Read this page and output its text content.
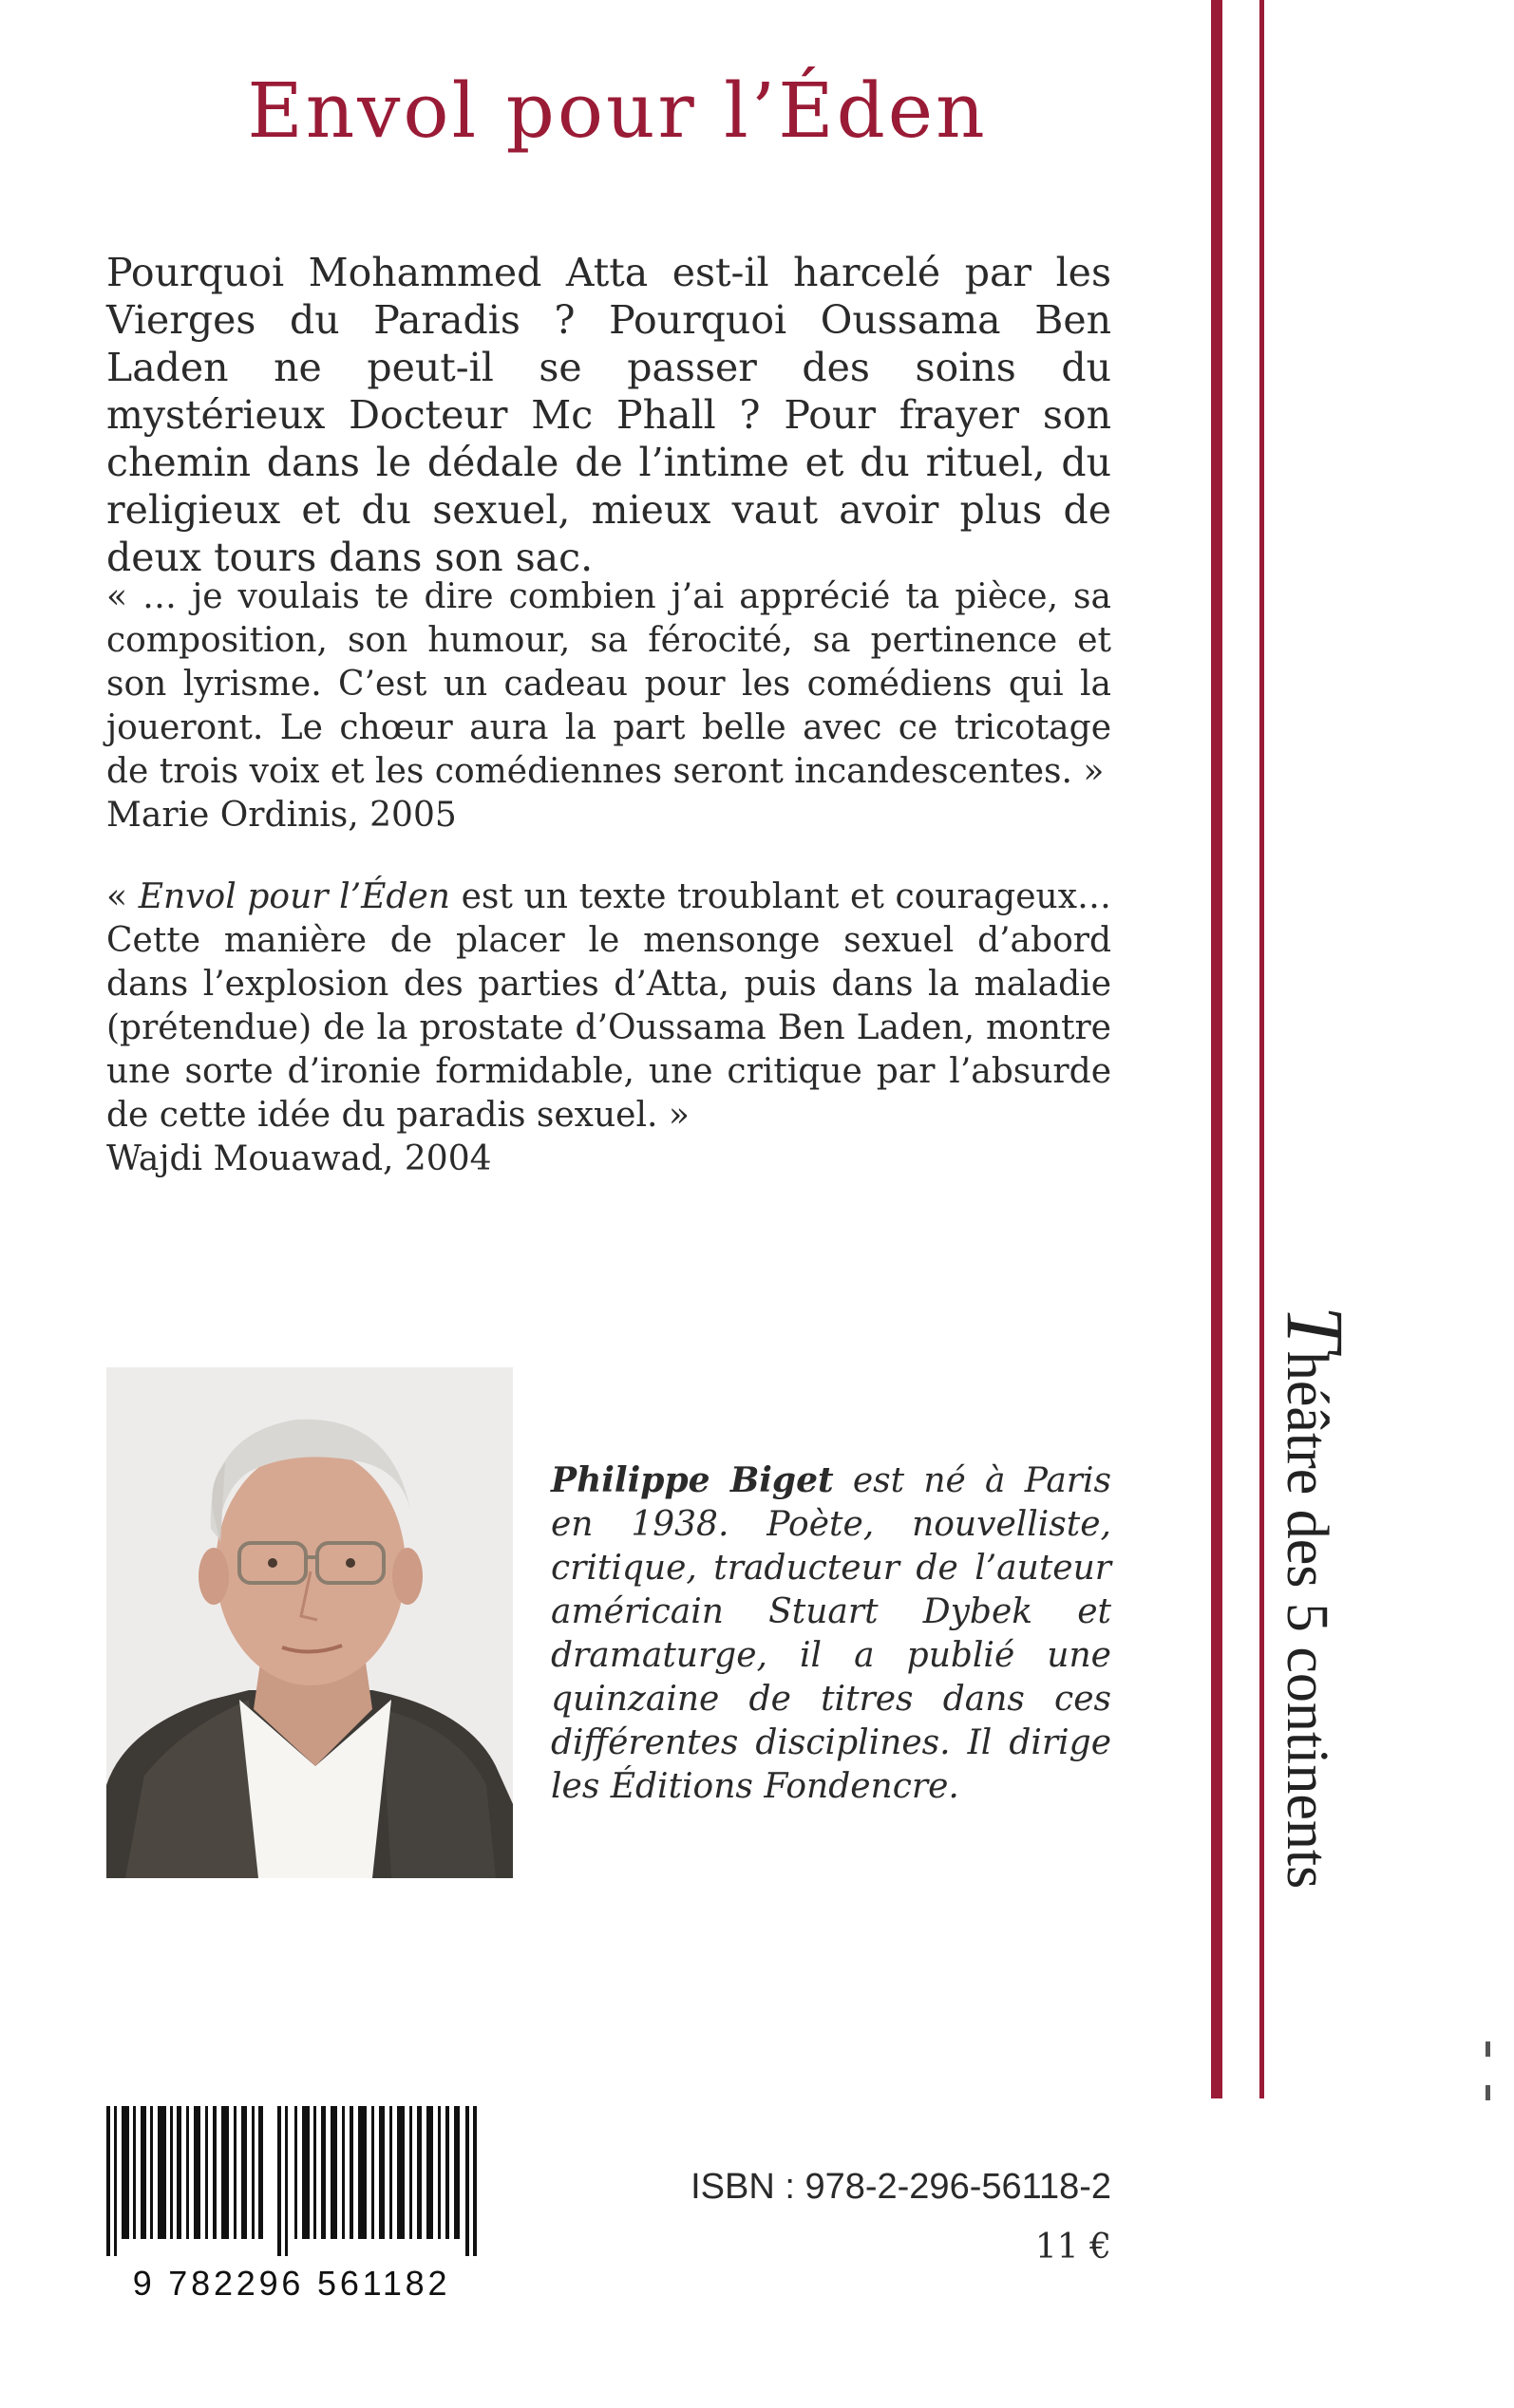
Envol pour l’Éden

Pourquoi Mohammed Atta est-il harcelé par les Vierges du Paradis ? Pourquoi Oussama Ben Laden ne peut-il se passer des soins du mystérieux Docteur Mc Phall ? Pour frayer son chemin dans le dédale de l’intime et du rituel, du religieux et du sexuel, mieux vaut avoir plus de deux tours dans son sac.

« … je voulais te dire combien j’ai apprécié ta pièce, sa composition, son humour, sa férocité, sa pertinence et son lyrisme. C’est un cadeau pour les comédiens qui la joueront. Le chœur aura la part belle avec ce tricotage de trois voix et les comédiennes seront incandescentes. »
Marie Ordinis, 2005
« Envol pour l’Éden est un texte troublant et courageux… Cette manière de placer le mensonge sexuel d’abord dans l’explosion des parties d’Atta, puis dans la maladie (prétendue) de la prostate d’Oussama Ben Laden, montre une sorte d’ironie formidable, une critique par l’absurde de cette idée du paradis sexuel. »
Wajdi Mouawad, 2004

Philippe Biget est né à Paris en 1938. Poète, nouvelliste, critique, traducteur de l’auteur américain Stuart Dybek et dramaturge, il a publié une quinzaine de titres dans ces différentes disciplines. Il dirige les Éditions Fondencre.

Théâtre des 5 continents
9 782296 561182

ISBN : 978-2-296-56118-2

11 €
